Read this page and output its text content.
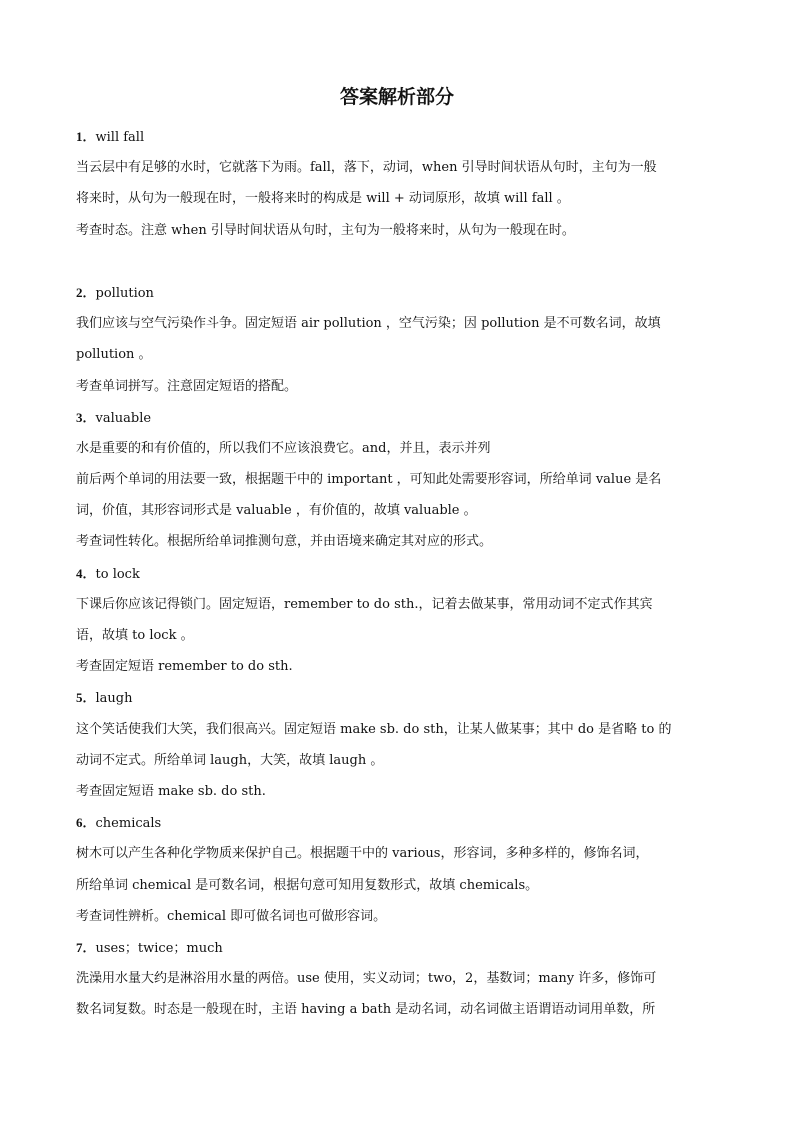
答案解析部分
1．will fall
当云层中有足够的水时，它就落下为雨。fall，落下，动词，when 引导时间状语从句时，主句为一般
将来时，从句为一般现在时，一般将来时的构成是 will + 动词原形，故填 will fall 。
考查时态。注意 when 引导时间状语从句时，主句为一般将来时，从句为一般现在时。
2．pollution
我们应该与空气污染作斗争。固定短语 air pollution ，空气污染；因 pollution 是不可数名词，故填
pollution 。
考查单词拼写。注意固定短语的搭配。
3．valuable
水是重要的和有价值的，所以我们不应该浪费它。and，并且，表示并列
前后两个单词的用法要一致，根据题干中的 important ，可知此处需要形容词，所给单词 value 是名
词，价值，其形容词形式是 valuable ，有价值的，故填 valuable 。
考查词性转化。根据所给单词推测句意，并由语境来确定其对应的形式。
4．to lock
下课后你应该记得锁门。固定短语，remember to do sth.，记着去做某事，常用动词不定式作其宾
语，故填 to lock 。
考查固定短语 remember to do sth.
5．laugh
这个笑话使我们大笑，我们很高兴。固定短语 make sb. do sth，让某人做某事；其中 do 是省略 to 的
动词不定式。所给单词 laugh，大笑，故填 laugh 。
考查固定短语 make sb. do sth.
6．chemicals
树木可以产生各种化学物质来保护自己。根据题干中的 various，形容词，多种多样的，修饰名词，
所给单词 chemical 是可数名词，根据句意可知用复数形式，故填 chemicals。
考查词性辨析。chemical 即可做名词也可做形容词。
7．uses；twice；much
洗澡用水量大约是淋浴用水量的两倍。use 使用，实义动词；two，2，基数词；many 许多，修饰可
数名词复数。时态是一般现在时，主语 having a bath 是动名词，动名词做主语谓语动词用单数，所
